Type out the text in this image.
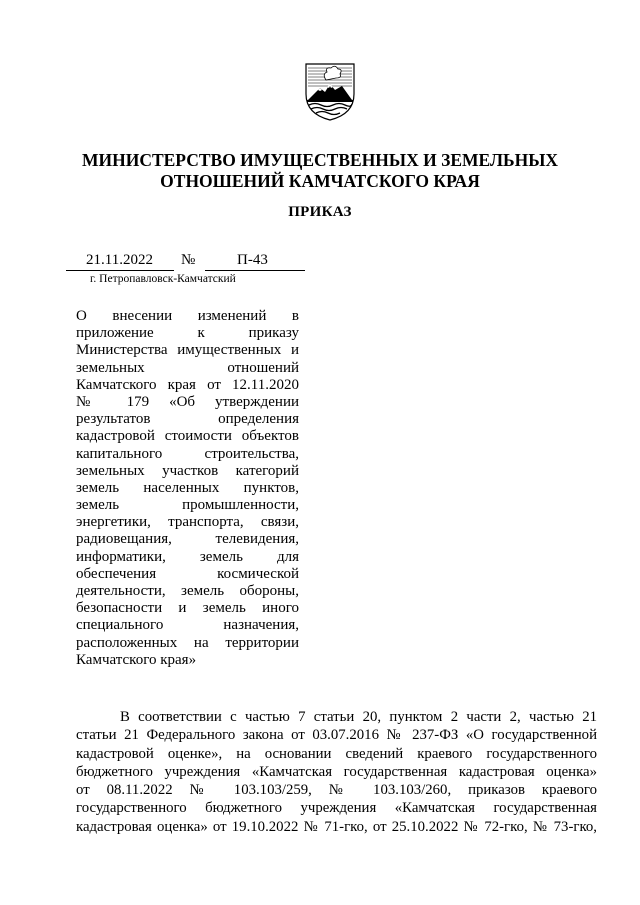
МИНИСТЕРСТВО ИМУЩЕСТВЕННЫХ И ЗЕМЕЛЬНЫХ
ОТНОШЕНИЙ КАМЧАТСКОГО КРАЯ
ПРИКАЗ
21.11.2022 №	П-43
г. Петропавловск-Камчатский

О внесении изменений в

приложение к приказу

Министерства имущественных и

земельных отношений

Камчатского края от 12.11.2020

№ 179 «Об утверждении

результатов определения

кадастровой стоимости объектов

капитального строительства,

земельных участков категорий

земель населенных пунктов,

земель промышленности,

энергетики, транспорта, связи,

радиовещания, телевидения,

информатики, земель для

обеспечения космической

деятельности, земель обороны,

безопасности и земель иного

специального назначения,

расположенных на территории

Камчатского края»

В соответствии с частью 7 статьи 20, пунктом 2 части 2, частью 21

статьи 21 Федерального закона от 03.07.2016 № 237-ФЗ «О государственной

кадастровой оценке», на основании сведений краевого государственного

бюджетного учреждения «Камчатская государственная кадастровая оценка»

от 08.11.2022 № 103.103/259, № 103.103/260, приказов краевого

государственного бюджетного учреждения «Камчатская государственная

кадастровая оценка» от 19.10.2022 № 71-гко, от 25.10.2022 № 72-гко, № 73-гко,
